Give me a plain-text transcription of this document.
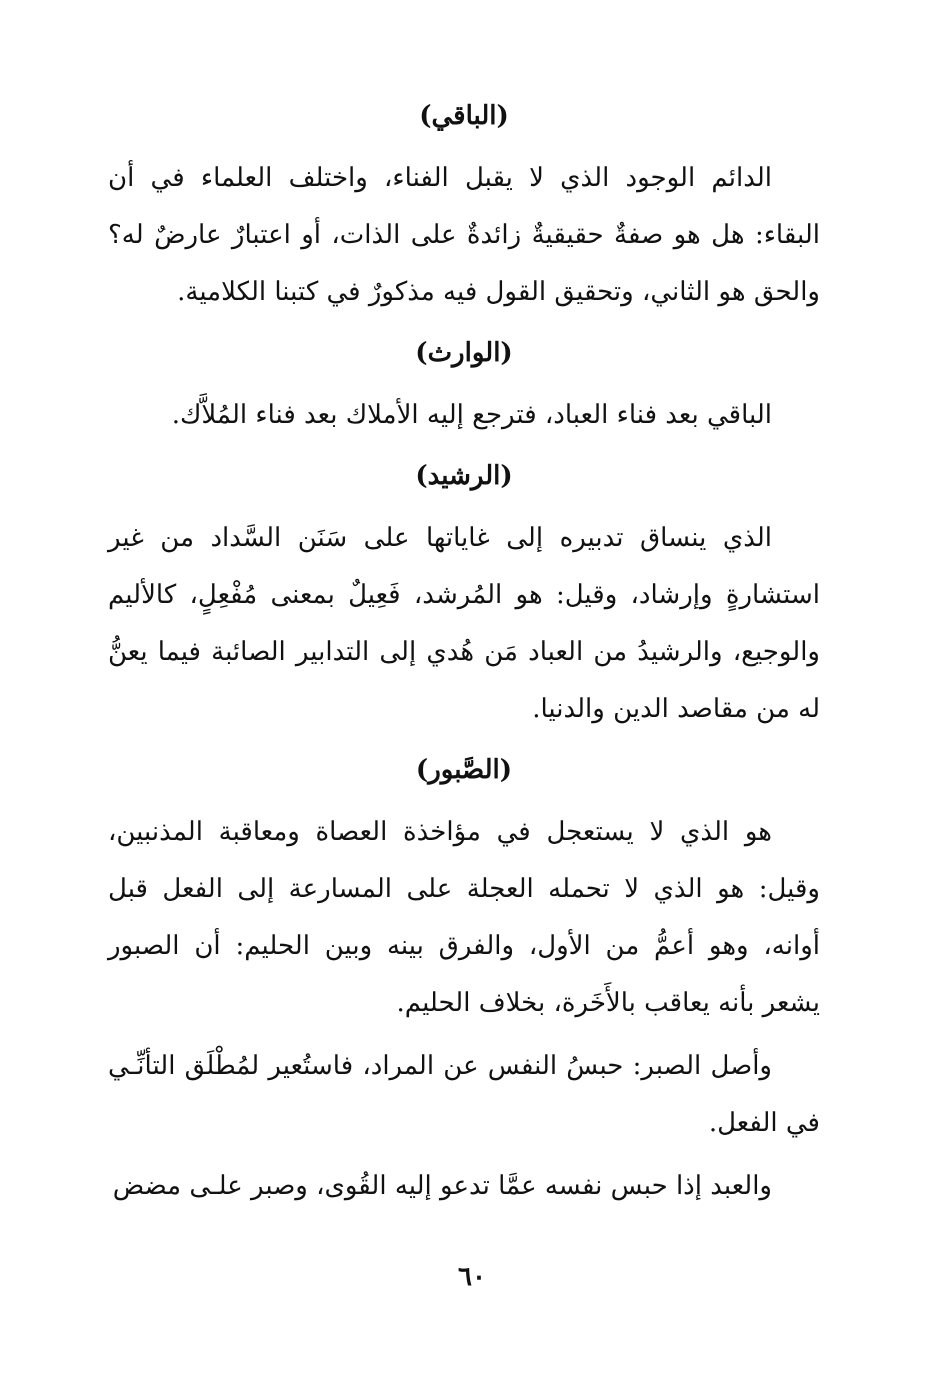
(الباقي)

الدائم الوجود الذي لا يقبل الفناء، واختلف العلماء في أن البقاء: هل هو صفةٌ حقيقيةٌ زائدةٌ على الذات، أو اعتبارٌ عارضٌ له؟ والحق هو الثاني، وتحقيق القول فيه مذكورٌ في كتبنا الكلامية.

(الوارث)

الباقي بعد فناء العباد، فترجع إليه الأملاك بعد فناء المُلاَّك.

(الرشيد)

الذي ينساق تدبيره إلى غاياتها على سَنَن السَّداد من غير استشارةٍ وإرشاد، وقيل: هو المُرشد، فَعِيلٌ بمعنى مُفْعِلٍ، كالأليم والوجيع، والرشيدُ من العباد مَن هُدي إلى التدابير الصائبة فيما يعنُّ له من مقاصد الدين والدنيا.

(الصَّبور)

هو الذي لا يستعجل في مؤاخذة العصاة ومعاقبة المذنبين، وقيل: هو الذي لا تحمله العجلة على المسارعة إلى الفعل قبل أوانه، وهو أعمُّ من الأول، والفرق بينه وبين الحليم: أن الصبور يشعر بأنه يعاقب بالأَخَرة، بخلاف الحليم.

وأصل الصبر: حبسُ النفس عن المراد، فاستُعير لمُطْلَق التأنِّـي في الفعل.

والعبد إذا حبس نفسه عمَّا تدعو إليه القُوى، وصبر علـى مضض

٦٠
